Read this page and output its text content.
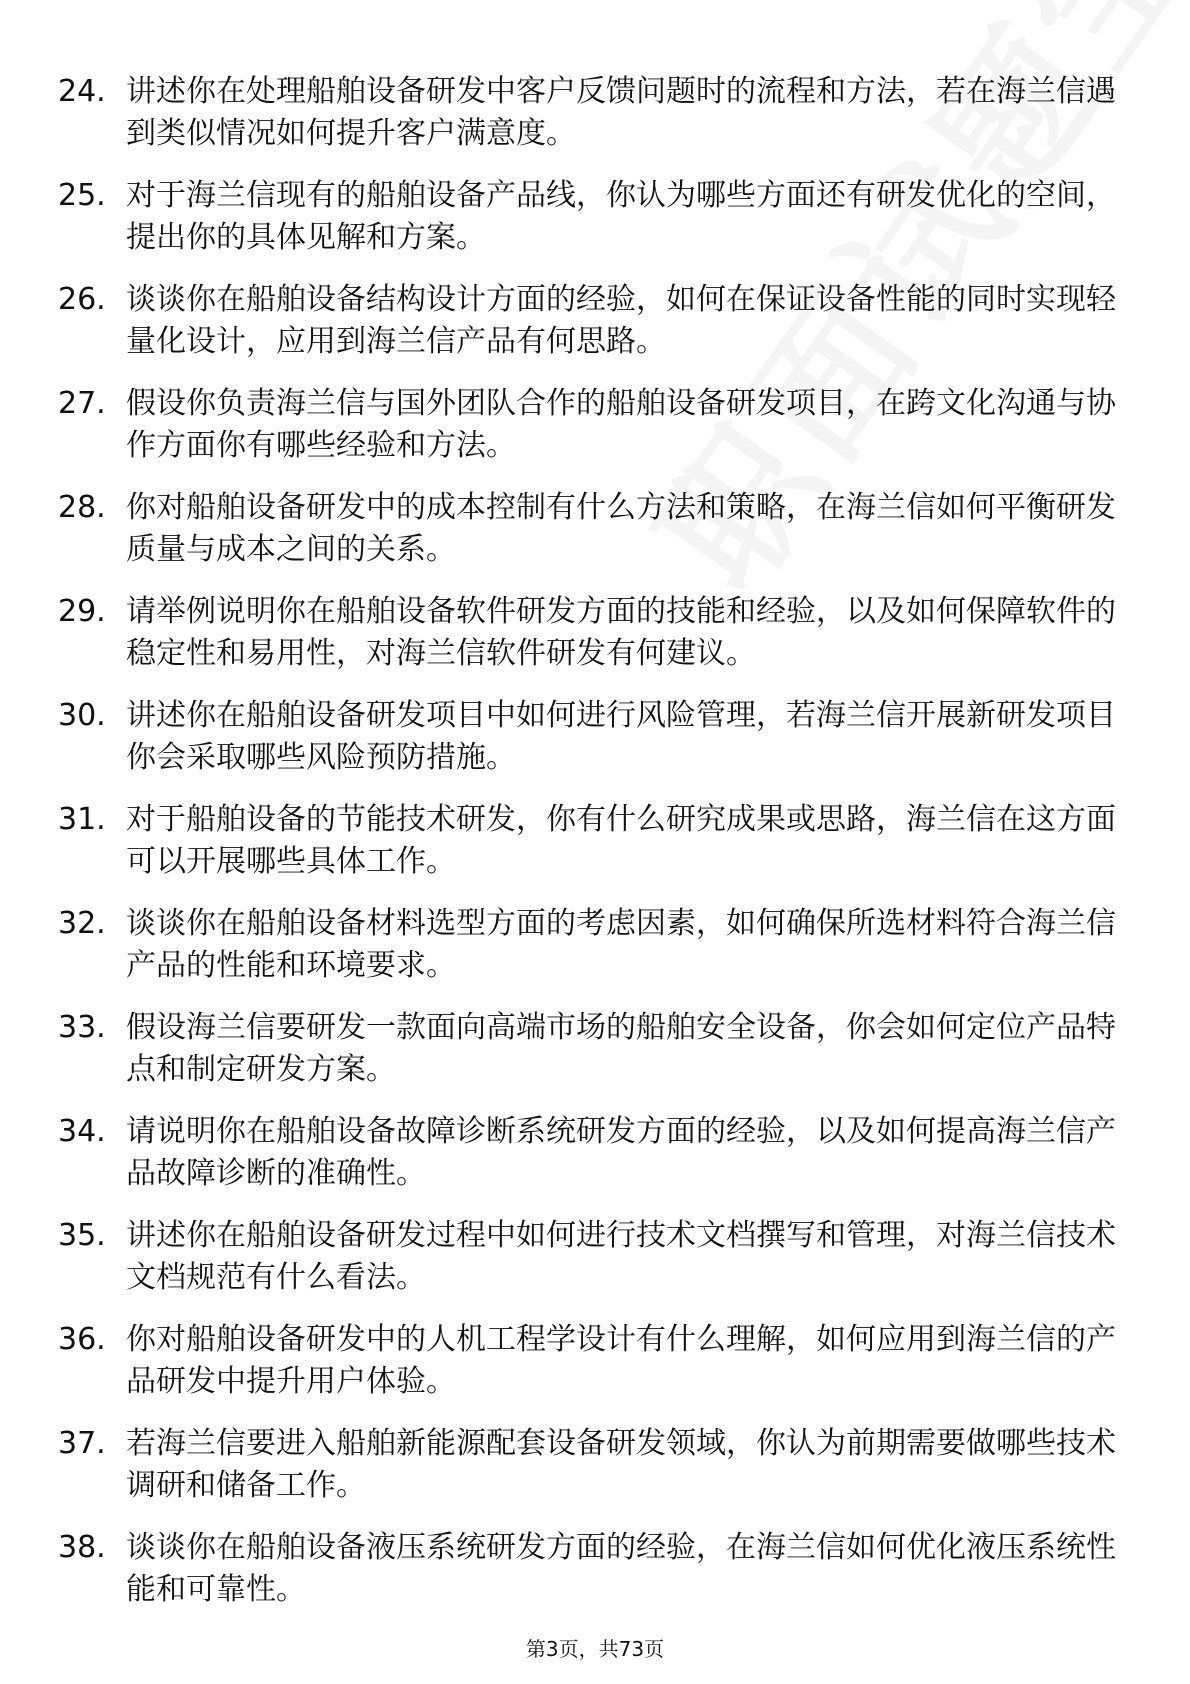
24. 讲述你在处理船舶设备研发中客户反馈问题时的流程和方法，若在海兰信遇到类似情况如何提升客户满意度。
25. 对于海兰信现有的船舶设备产品线，你认为哪些方面还有研发优化的空间，提出你的具体见解和方案。
26. 谈谈你在船舶设备结构设计方面的经验，如何在保证设备性能的同时实现轻量化设计，应用到海兰信产品有何思路。
27. 假设你负责海兰信与国外团队合作的船舶设备研发项目，在跨文化沟通与协作方面你有哪些经验和方法。
28. 你对船舶设备研发中的成本控制有什么方法和策略，在海兰信如何平衡研发质量与成本之间的关系。
29. 请举例说明你在船舶设备软件研发方面的技能和经验，以及如何保障软件的稳定性和易用性，对海兰信软件研发有何建议。
30. 讲述你在船舶设备研发项目中如何进行风险管理，若海兰信开展新研发项目你会采取哪些风险预防措施。
31. 对于船舶设备的节能技术研发，你有什么研究成果或思路，海兰信在这方面可以开展哪些具体工作。
32. 谈谈你在船舶设备材料选型方面的考虑因素，如何确保所选材料符合海兰信产品的性能和环境要求。
33. 假设海兰信要研发一款面向高端市场的船舶安全设备，你会如何定位产品特点和制定研发方案。
34. 请说明你在船舶设备故障诊断系统研发方面的经验，以及如何提高海兰信产品故障诊断的准确性。
35. 讲述你在船舶设备研发过程中如何进行技术文档撰写和管理，对海兰信技术文档规范有什么看法。
36. 你对船舶设备研发中的人机工程学设计有什么理解，如何应用到海兰信的产品研发中提升用户体验。
37. 若海兰信要进入船舶新能源配套设备研发领域，你认为前期需要做哪些技术调研和储备工作。
38. 谈谈你在船舶设备液压系统研发方面的经验，在海兰信如何优化液压系统性能和可靠性。
第3页，共73页
